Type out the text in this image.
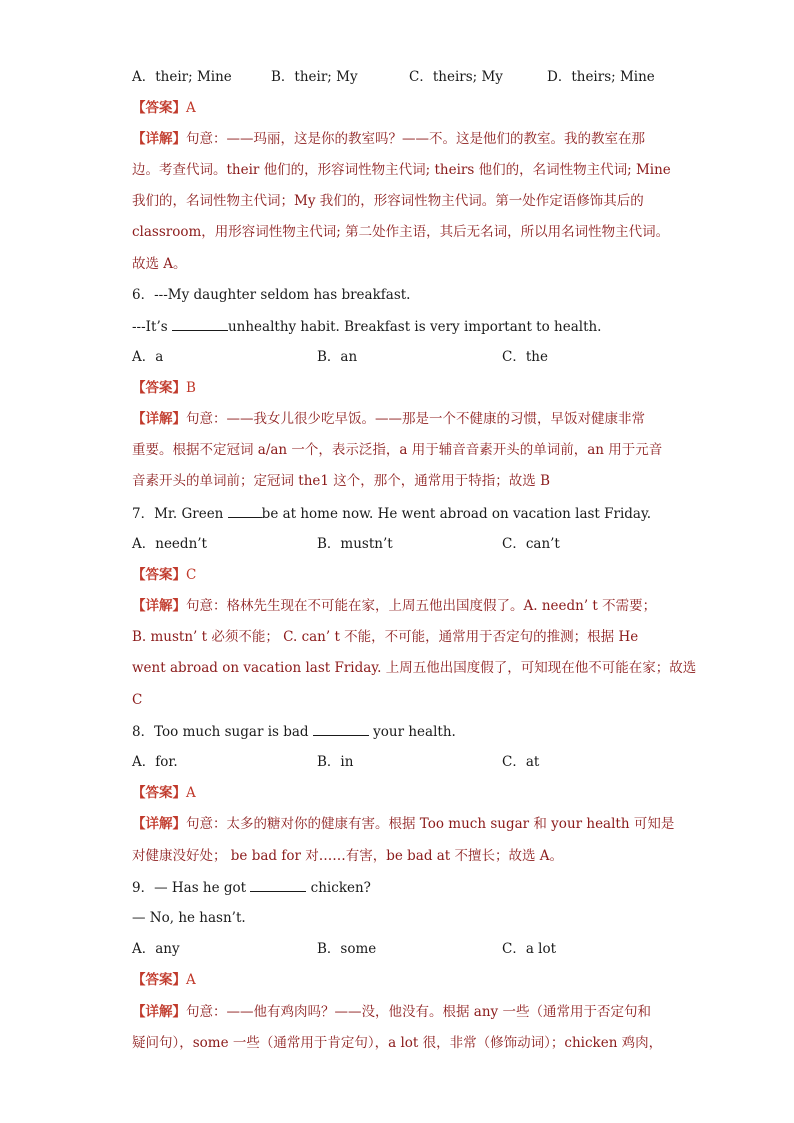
A．their; Mine	B．their; My	C．theirs; My	D．theirs; Mine
【答案】A
【详解】句意：——玛丽，这是你的教室吗？——不。这是他们的教室。我的教室在那
边。考查代词。their 他们的，形容词性物主代词; theirs 他们的，名词性物主代词; Mine
我们的，名词性物主代词；My 我们的，形容词性物主代词。第一处作定语修饰其后的
classroom，用形容词性物主代词; 第二处作主语，其后无名词，所以用名词性物主代词。
故选 A。
6．---My daughter seldom has breakfast.
---It’s	unhealthy habit. Breakfast is very important to health.
A．a	B．an	C．the
【答案】B
【详解】句意：——我女儿很少吃早饭。——那是一个不健康的习惯，早饭对健康非常
重要。根据不定冠词 a/an 一个，表示泛指，a 用于辅音音素开头的单词前，an 用于元音
音素开头的单词前；定冠词 the1 这个，那个，通常用于特指；故选 B
7．Mr. Green	be at home now. He went abroad on vacation last Friday.
A．needn’t	B．mustn’t	C．can’t
【答案】C
【详解】句意：格林先生现在不可能在家，上周五他出国度假了。A. needn’ t 不需要；
B. mustn’ t 必须不能； C. can’ t 不能，不可能，通常用于否定句的推测；根据 He
went abroad on vacation last Friday. 上周五他出国度假了，可知现在他不可能在家；故选
C
8．Too much sugar is bad	your health.
A．for.	B．in	C．at
【答案】A
【详解】句意：太多的糖对你的健康有害。根据 Too much sugar 和 your health 可知是
对健康没好处； be bad for 对……有害，be bad at 不擅长；故选 A。
9．— Has he got	chicken?
— No, he hasn’t.
A．any	B．some	C．a lot
【答案】A
【详解】句意：——他有鸡肉吗？——没，他没有。根据 any 一些（通常用于否定句和
疑问句），some 一些（通常用于肯定句），a lot 很，非常（修饰动词）；chicken 鸡肉，
